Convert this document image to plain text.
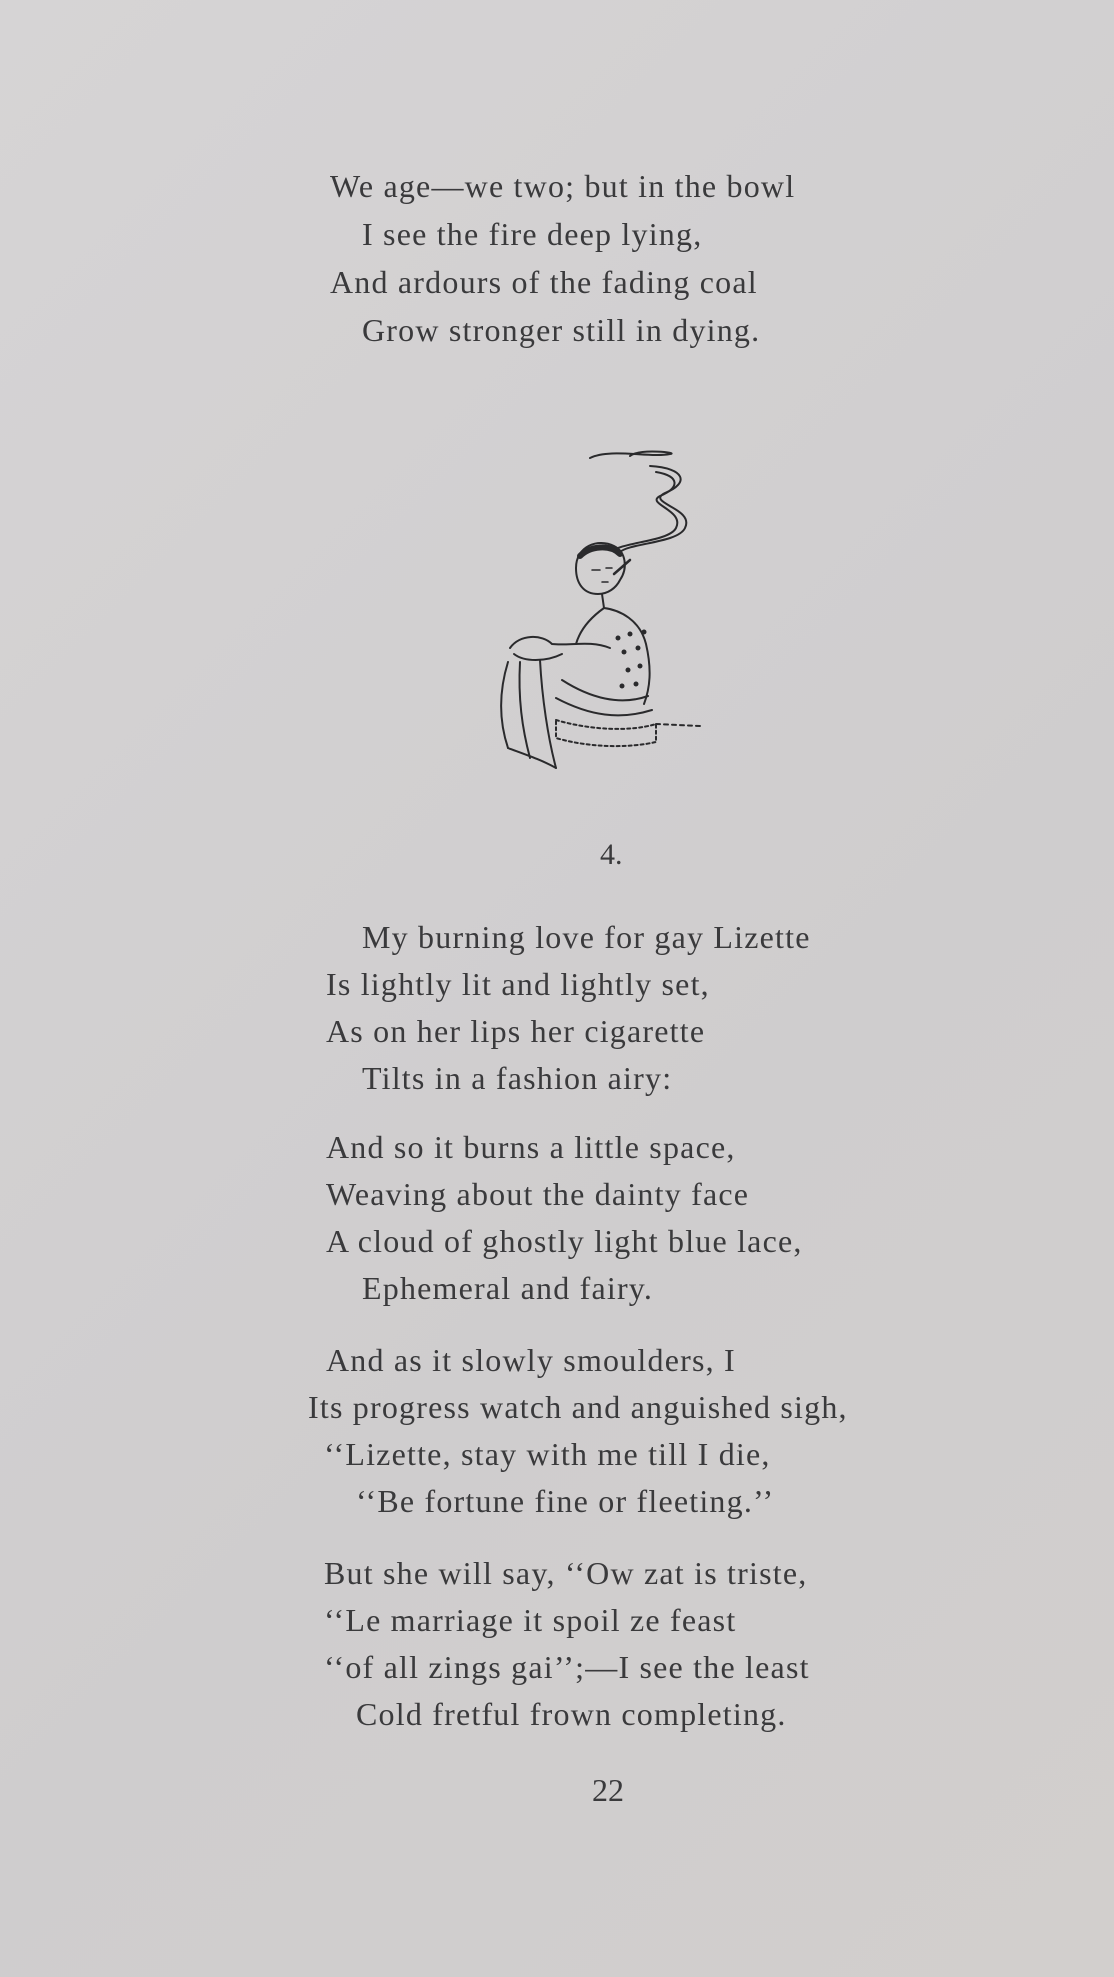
We age—we two; but in the bowl
I see the fire deep lying,
And ardours of the fading coal
Grow stronger still in dying.
4.
My burning love for gay Lizette
Is lightly lit and lightly set,
As on her lips her cigarette
Tilts in a fashion airy:
And so it burns a little space,
Weaving about the dainty face
A cloud of ghostly light blue lace,
Ephemeral and fairy.
And as it slowly smoulders, I
Its progress watch and anguished sigh,
‘‘Lizette, stay with me till I die,
‘‘Be fortune fine or fleeting.’’
But she will say, ‘‘Ow zat is triste,
‘‘Le marriage it spoil ze feast
‘‘of all zings gai’’;—I see the least
Cold fretful frown completing.
22
